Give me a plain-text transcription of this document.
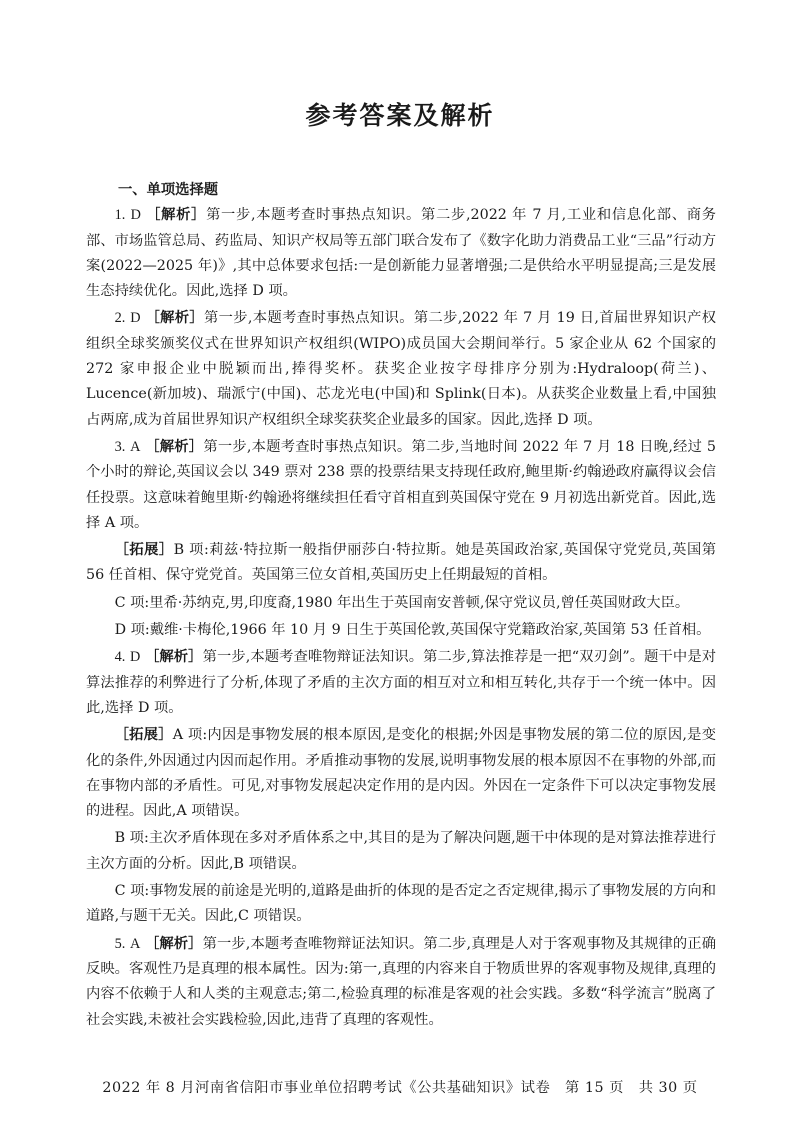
参考答案及解析

一、单项选择题

1. D ［解析］第一步,本题考查时事热点知识。第二步,2022 年 7 月,工业和信息化部、商务部、市场监管总局、药监局、知识产权局等五部门联合发布了《数字化助力消费品工业“三品”行动方案(2022—2025 年)》,其中总体要求包括:一是创新能力显著增强;二是供给水平明显提高;三是发展生态持续优化。因此,选择 D 项。

2. D ［解析］第一步,本题考查时事热点知识。第二步,2022 年 7 月 19 日,首届世界知识产权组织全球奖颁奖仪式在世界知识产权组织(WIPO)成员国大会期间举行。5 家企业从 62 个国家的 272 家申报企业中脱颖而出,捧得奖杯。获奖企业按字母排序分别为:Hydraloop(荷兰)、Lucence(新加坡)、瑞派宁(中国)、芯龙光电(中国)和 Splink(日本)。从获奖企业数量上看,中国独占两席,成为首届世界知识产权组织全球奖获奖企业最多的国家。因此,选择 D 项。

3. A ［解析］第一步,本题考查时事热点知识。第二步,当地时间 2022 年 7 月 18 日晚,经过 5 个小时的辩论,英国议会以 349 票对 238 票的投票结果支持现任政府,鲍里斯·约翰逊政府赢得议会信任投票。这意味着鲍里斯·约翰逊将继续担任看守首相直到英国保守党在 9 月初选出新党首。因此,选择 A 项。

［拓展］B 项:莉兹·特拉斯一般指伊丽莎白·特拉斯。她是英国政治家,英国保守党党员,英国第 56 任首相、保守党党首。英国第三位女首相,英国历史上任期最短的首相。

C 项:里希·苏纳克,男,印度裔,1980 年出生于英国南安普顿,保守党议员,曾任英国财政大臣。

D 项:戴维·卡梅伦,1966 年 10 月 9 日生于英国伦敦,英国保守党籍政治家,英国第 53 任首相。

4. D ［解析］第一步,本题考查唯物辩证法知识。第二步,算法推荐是一把“双刃剑”。题干中是对算法推荐的利弊进行了分析,体现了矛盾的主次方面的相互对立和相互转化,共存于一个统一体中。因此,选择 D 项。

［拓展］A 项:内因是事物发展的根本原因,是变化的根据;外因是事物发展的第二位的原因,是变化的条件,外因通过内因而起作用。矛盾推动事物的发展,说明事物发展的根本原因不在事物的外部,而在事物内部的矛盾性。可见,对事物发展起决定作用的是内因。外因在一定条件下可以决定事物发展的进程。因此,A 项错误。

B 项:主次矛盾体现在多对矛盾体系之中,其目的是为了解决问题,题干中体现的是对算法推荐进行主次方面的分析。因此,B 项错误。

C 项:事物发展的前途是光明的,道路是曲折的体现的是否定之否定规律,揭示了事物发展的方向和道路,与题干无关。因此,C 项错误。

5. A ［解析］第一步,本题考查唯物辩证法知识。第二步,真理是人对于客观事物及其规律的正确反映。客观性乃是真理的根本属性。因为:第一,真理的内容来自于物质世界的客观事物及规律,真理的内容不依赖于人和人类的主观意志;第二,检验真理的标准是客观的社会实践。多数“科学流言”脱离了社会实践,未被社会实践检验,因此,违背了真理的客观性。

2022 年 8 月河南省信阳市事业单位招聘考试《公共基础知识》试卷　第 15 页　共 30 页
